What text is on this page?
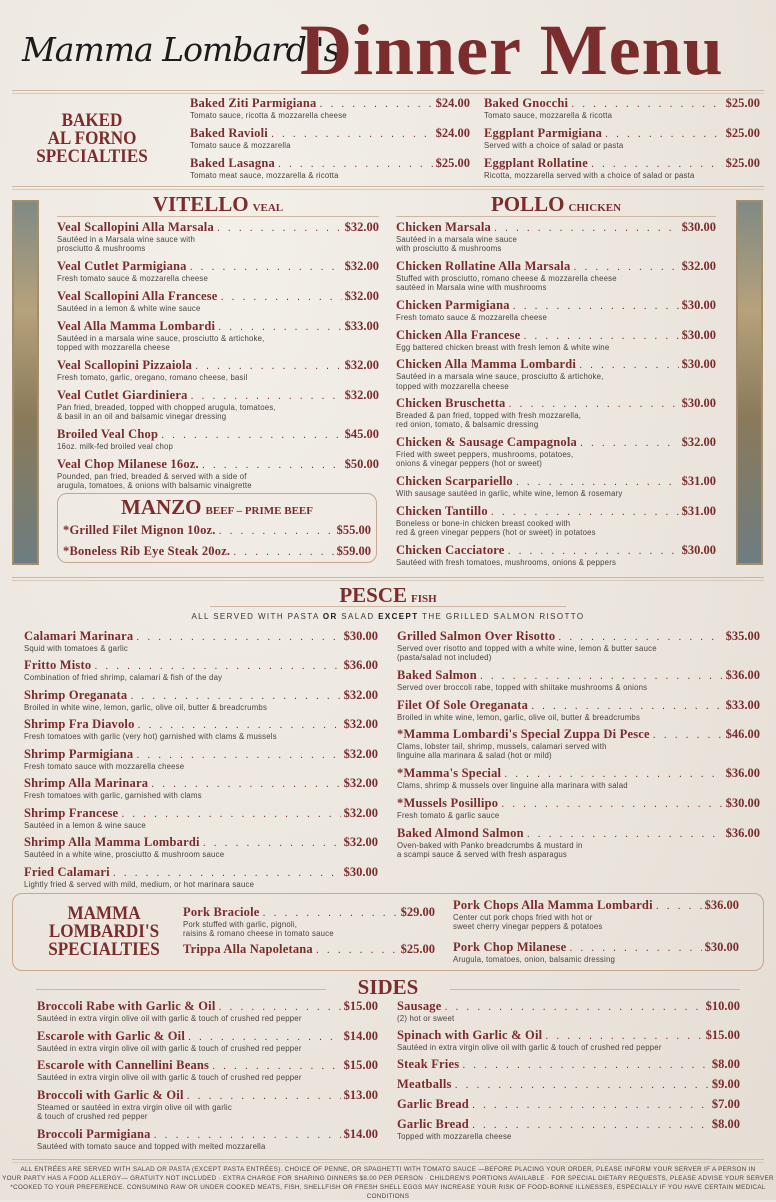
Mamma Lombardi's
Dinner Menu
BAKED
AL FORNO
SPECIALTIES
Baked Ziti Parmigiana . . .	$24.00
Tomato sauce, ricotta & mozzarella cheese
Baked Ravioli . . .	$24.00
Tomato sauce & mozzarella
Baked Lasagna . . .	$25.00
Tomato meat sauce, mozzarella & ricotta
Baked Gnocchi . . .	$25.00
Tomato sauce, mozzarella & ricotta
Eggplant Parmigiana . . .	$25.00
Served with a choice of salad or pasta
Eggplant Rollatine . . .	$25.00
Ricotta, mozzarella served with a choice of salad or pasta
VITELLO VEAL
Veal Scallopini Alla Marsala . . .	$32.00
Sautéed in a Marsala wine sauce with
prosciutto & mushrooms
Veal Cutlet Parmigiana . . .	$32.00
Fresh tomato sauce & mozzarella cheese
Veal Scallopini Alla Francese . . .	$32.00
Sautéed in a lemon & white wine sauce
Veal Alla Mamma Lombardi . . .	$33.00
Sautéed in a marsala wine sauce, prosciutto & artichoke,
topped with mozzarella cheese
Veal Scallopini Pizzaiola . . .	$32.00
Fresh tomato, garlic, oregano, romano cheese, basil
Veal Cutlet Giardiniera . . .	$32.00
Pan fried, breaded, topped with chopped arugula, tomatoes,
& basil in an oil and balsamic vinegar dressing
Broiled Veal Chop . . .	$45.00
16oz. milk-fed broiled veal chop
Veal Chop Milanese 16oz. . . .	$50.00
Pounded, pan fried, breaded & served with a side of
arugula, tomatoes, & onions with balsamic vinaigrette
MANZO BEEF – PRIME BEEF
*Grilled Filet Mignon 10oz. . . .	$55.00
*Boneless Rib Eye Steak 20oz. . . .	$59.00
POLLO CHICKEN
Chicken Marsala . . .	$30.00
Sautéed in a marsala wine sauce
with prosciutto & mushrooms
Chicken Rollatine Alla Marsala . . .	$32.00
Stuffed with prosciutto, romano cheese & mozzarella cheese
sautéed in Marsala wine with mushrooms
Chicken Parmigiana . . .	$30.00
Fresh tomato sauce & mozzarella cheese
Chicken Alla Francese . . .	$30.00
Egg battered chicken breast with fresh lemon & white wine
Chicken Alla Mamma Lombardi . . .	$30.00
Sautéed in a marsala wine sauce, prosciutto & artichoke,
topped with mozzarella cheese
Chicken Bruschetta . . .	$30.00
Breaded & pan fried, topped with fresh mozzarella,
red onion, tomato, & balsamic dressing
Chicken & Sausage Campagnola . . .	$32.00
Fried with sweet peppers, mushrooms, potatoes,
onions & vinegar peppers (hot or sweet)
Chicken Scarpariello . . .	$31.00
With sausage sautéed in garlic, white wine, lemon & rosemary
Chicken Tantillo . . .	$31.00
Boneless or bone-in chicken breast cooked with
red & green vinegar peppers (hot or sweet) in potatoes
Chicken Cacciatore . . .	$30.00
Sautéed with fresh tomatoes, mushrooms, onions & peppers
PESCE FISH
ALL SERVED WITH PASTA OR SALAD EXCEPT THE GRILLED SALMON RISOTTO
Calamari Marinara . . .	$30.00
Squid with tomatoes & garlic
Fritto Misto . . .	$36.00
Combination of fried shrimp, calamari & fish of the day
Shrimp Oreganata . . .	$32.00
Broiled in white wine, lemon, garlic, olive oil, butter & breadcrumbs
Shrimp Fra Diavolo . . .	$32.00
Fresh tomatoes with garlic (very hot) garnished with clams & mussels
Shrimp Parmigiana . . .	$32.00
Fresh tomato sauce with mozzarella cheese
Shrimp Alla Marinara . . .	$32.00
Fresh tomatoes with garlic, garnished with clams
Shrimp Francese . . .	$32.00
Sautéed in a lemon & wine sauce
Shrimp Alla Mamma Lombardi . . .	$32.00
Sautéed in a white wine, prosciutto & mushroom sauce
Fried Calamari . . .	$30.00
Lightly fried & served with mild, medium, or hot marinara sauce
Grilled Salmon Over Risotto . . .	$35.00
Served over risotto and topped with a white wine, lemon & butter sauce
(pasta/salad not included)
Baked Salmon . . .	$36.00
Served over broccoli rabe, topped with shiitake mushrooms & onions
Filet Of Sole Oreganata . . .	$33.00
Broiled in white wine, lemon, garlic, olive oil, butter & breadcrumbs
*Mamma Lombardi's Special Zuppa Di Pesce . . .	$46.00
Clams, lobster tail, shrimp, mussels, calamari served with
linguine alla marinara & salad (hot or mild)
*Mamma's Special . . .	$36.00
Clams, shrimp & mussels over linguine alla marinara with salad
*Mussels Posillipo . . .	$30.00
Fresh tomato & garlic sauce
Baked Almond Salmon . . .	$36.00
Oven-baked with Panko breadcrumbs & mustard in
a scampi sauce & served with fresh asparagus
MAMMA
LOMBARDI'S
SPECIALTIES
Pork Braciole . . .	$29.00
Pork stuffed with garlic, pignoli,
raisins & romano cheese in tomato sauce
Trippa Alla Napoletana . . .	$25.00
Pork Chops Alla Mamma Lombardi . . .	$36.00
Center cut pork chops fried with hot or
sweet cherry vinegar peppers & potatoes
Pork Chop Milanese . . .	$30.00
Arugula, tomatoes, onion, balsamic dressing
SIDES
Broccoli Rabe with Garlic & Oil . . .	$15.00
Sautéed in extra virgin olive oil with garlic & touch of crushed red pepper
Escarole with Garlic & Oil . . .	$14.00
Sautéed in extra virgin olive oil with garlic & touch of crushed red pepper
Escarole with Cannellini Beans . . .	$15.00
Sautéed in extra virgin olive oil with garlic & touch of crushed red pepper
Broccoli with Garlic & Oil . . .	$13.00
Steamed or sautéed in extra virgin olive oil with garlic
& touch of crushed red pepper
Broccoli Parmigiana . . .	$14.00
Sautéed with tomato sauce and topped with melted mozzarella
Sausage . . .	$10.00
(2) hot or sweet
Spinach with Garlic & Oil . . .	$15.00
Sautéed in extra virgin olive oil with garlic & touch of crushed red pepper
Steak Fries . . .	$8.00
Meatballs . . .	$9.00
Garlic Bread . . .	$7.00
Garlic Bread . . .	$8.00
Topped with mozzarella cheese
ALL ENTRÉES ARE SERVED WITH SALAD OR PASTA (EXCEPT PASTA ENTRÉES). CHOICE OF PENNE, OR SPAGHETTI WITH TOMATO SAUCE —BEFORE PLACING YOUR ORDER, PLEASE INFORM YOUR SERVER IF A PERSON IN
YOUR PARTY HAS A FOOD ALLERGY— GRATUITY NOT INCLUDED · EXTRA CHARGE FOR SHARING DINNERS $8.00 PER PERSON · CHILDREN'S PORTIONS AVAILABLE · FOR SPECIAL DIETARY REQUESTS, PLEASE ADVISE YOUR SERVER
*COOKED TO YOUR PREFERENCE. CONSUMING RAW OR UNDER COOKED MEATS, FISH, SHELLFISH OR FRESH SHELL EGGS MAY INCREASE YOUR RISK OF FOOD-BORNE ILLNESSES, ESPECIALLY IF YOU HAVE CERTAIN MEDICAL CONDITIONS
